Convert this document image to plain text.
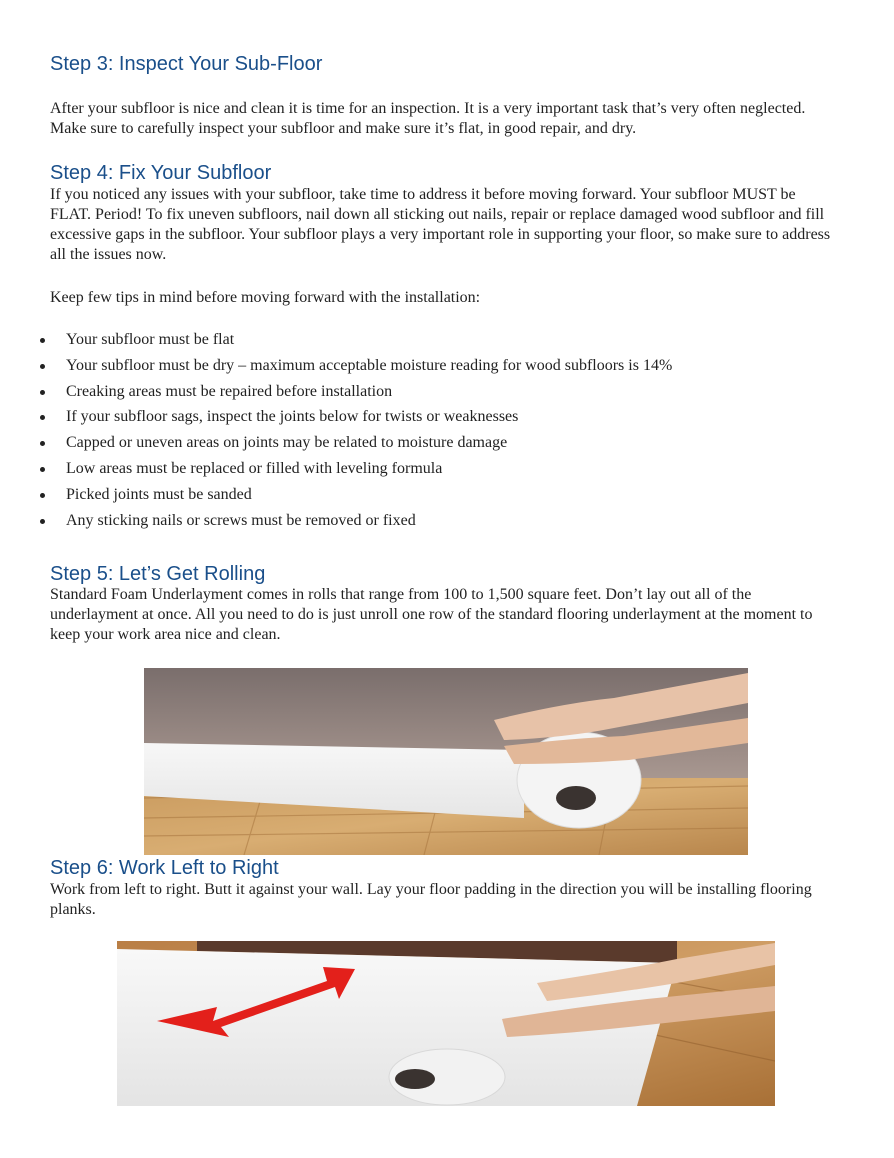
Step 3: Inspect Your Sub-Floor

After your subfloor is nice and clean it is time for an inspection. It is a very important task that’s very often neglected. Make sure to carefully inspect your subfloor and make sure it’s flat, in good repair, and dry.

Step 4: Fix Your Subfloor

If you noticed any issues with your subfloor, take time to address it before moving forward. Your subfloor MUST be FLAT. Period! To fix uneven subfloors, nail down all sticking out nails, repair or replace damaged wood subfloor and fill excessive gaps in the subfloor. Your subfloor plays a very important role in supporting your floor, so make sure to address all the issues now.

Keep few tips in mind before moving forward with the installation:

Your subfloor must be flat
Your subfloor must be dry – maximum acceptable moisture reading for wood subfloors is 14%
Creaking areas must be repaired before installation
If your subfloor sags, inspect the joints below for twists or weaknesses
Capped or uneven areas on joints may be related to moisture damage
Low areas must be replaced or filled with leveling formula
Picked joints must be sanded
Any sticking nails or screws must be removed or fixed
Step 5: Let’s Get Rolling

Standard Foam Underlayment comes in rolls that range from 100 to 1,500 square feet. Don’t lay out all of the underlayment at once. All you need to do is just unroll one row of the standard flooring underlayment at the moment to keep your work area nice and clean.

Step 6: Work Left to Right

Work from left to right. Butt it against your wall. Lay your floor padding in the direction you will be installing flooring planks.
